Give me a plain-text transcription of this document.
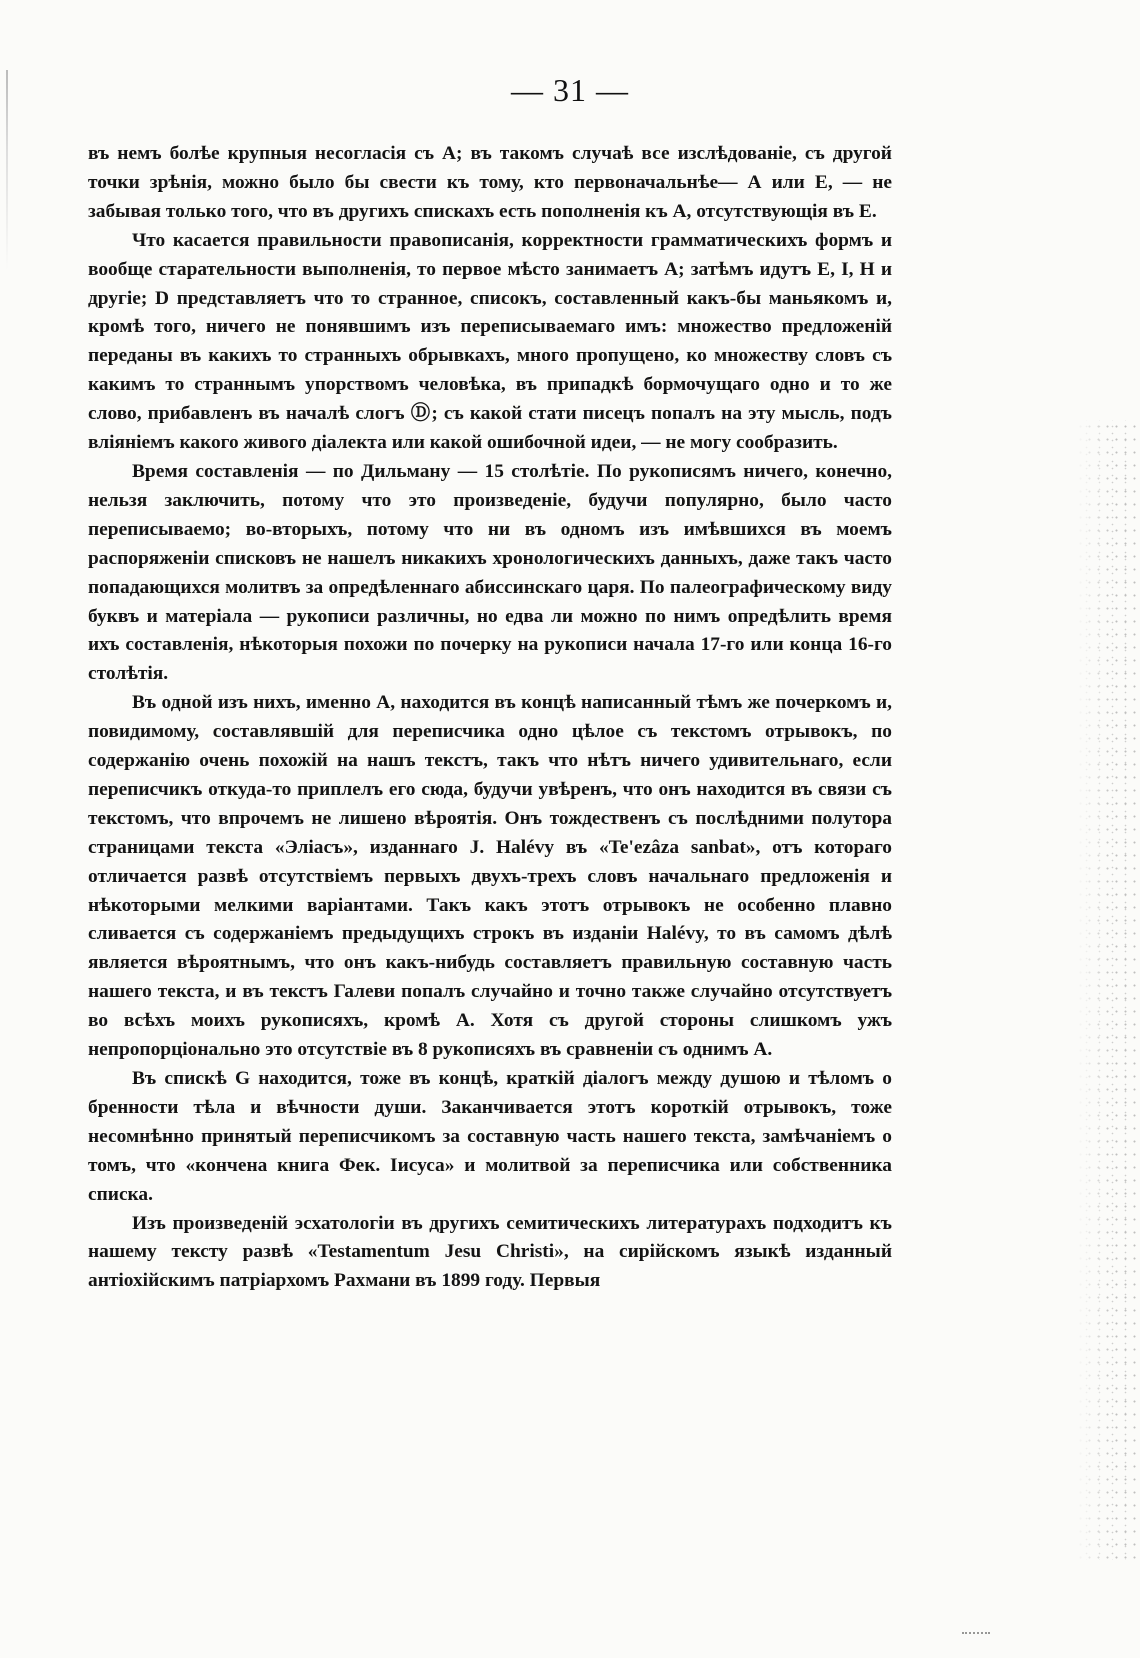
— 31 —

въ немъ болѣе крупныя несогласія съ А; въ такомъ случаѣ все изслѣдованіе, съ другой точки зрѣнія, можно было бы свести къ тому, кто первоначальнѣе— А или Е, — не забывая только того, что въ другихъ спискахъ есть пополненія къ А, отсутствующія въ Е.

Что касается правильности правописанія, корректности грамматическихъ формъ и вообще старательности выполненія, то первое мѣсто занимаетъ А; затѣмъ идутъ Е, I, Н и другіе; D представляетъ что то странное, списокъ, составленный какъ-бы маньякомъ и, кромѣ того, ничего не понявшимъ изъ переписываемаго имъ: множество предложеній переданы въ какихъ то странныхъ обрывкахъ, много пропущено, ко множеству словъ съ какимъ то страннымъ упорствомъ человѣка, въ припадкѣ бормочущаго одно и то же слово, прибавленъ въ началѣ слогъ Ⓓ; съ какой стати писецъ попалъ на эту мысль, подъ вліяніемъ какого живого діалекта или какой ошибочной идеи, — не могу сообразить.

Время составленія — по Дильману — 15 столѣтіе. По рукописямъ ничего, конечно, нельзя заключить, потому что это произведеніе, будучи популярно, было часто переписываемо; во-вторыхъ, потому что ни въ одномъ изъ имѣвшихся въ моемъ распоряженіи списковъ не нашелъ никакихъ хронологическихъ данныхъ, даже такъ часто попадающихся молитвъ за опредѣленнаго абиссинскаго царя. По палеографическому виду буквъ и матеріала — рукописи различны, но едва ли можно по нимъ опредѣлить время ихъ составленія, нѣкоторыя похожи по почерку на рукописи начала 17-го или конца 16-го столѣтія.

Въ одной изъ нихъ, именно А, находится въ концѣ написанный тѣмъ же почеркомъ и, повидимому, составлявшій для переписчика одно цѣлое съ текстомъ отрывокъ, по содержанію очень похожій на нашъ текстъ, такъ что нѣтъ ничего удивительнаго, если переписчикъ откуда-то приплелъ его сюда, будучи увѣренъ, что онъ находится въ связи съ текстомъ, что впрочемъ не лишено вѣроятія. Онъ тождественъ съ послѣдними полутора страницами текста «Эліасъ», изданнаго J. Halévy въ «Te'ezâza sanbat», отъ котораго отличается развѣ отсутствіемъ первыхъ двухъ-трехъ словъ начальнаго предложенія и нѣкоторыми мелкими варіантами. Такъ какъ этотъ отрывокъ не особенно плавно сливается съ содержаніемъ предыдущихъ строкъ въ изданіи Halévy, то въ самомъ дѣлѣ является вѣроятнымъ, что онъ какъ-нибудь составляетъ правильную составную часть нашего текста, и въ текстъ Галеви попалъ случайно и точно также случайно отсутствуетъ во всѣхъ моихъ рукописяхъ, кромѣ А. Хотя съ другой стороны слишкомъ ужъ непропорціонально это отсутствіе въ 8 рукописяхъ въ сравненіи съ однимъ А.

Въ спискѣ G находится, тоже въ концѣ, краткій діалогъ между душою и тѣломъ о бренности тѣла и вѣчности души. Заканчивается этотъ короткій отрывокъ, тоже несомнѣнно принятый переписчикомъ за составную часть нашего текста, замѣчаніемъ о томъ, что «кончена книга Фек. Іисуса» и молитвой за переписчика или собственника списка.

Изъ произведеній эсхатологіи въ другихъ семитическихъ литературахъ подходитъ къ нашему тексту развѣ «Testamentum Jesu Christi», на сирійскомъ языкѣ изданный антіохійскимъ патріархомъ Рахмани въ 1899 году. Первыя
